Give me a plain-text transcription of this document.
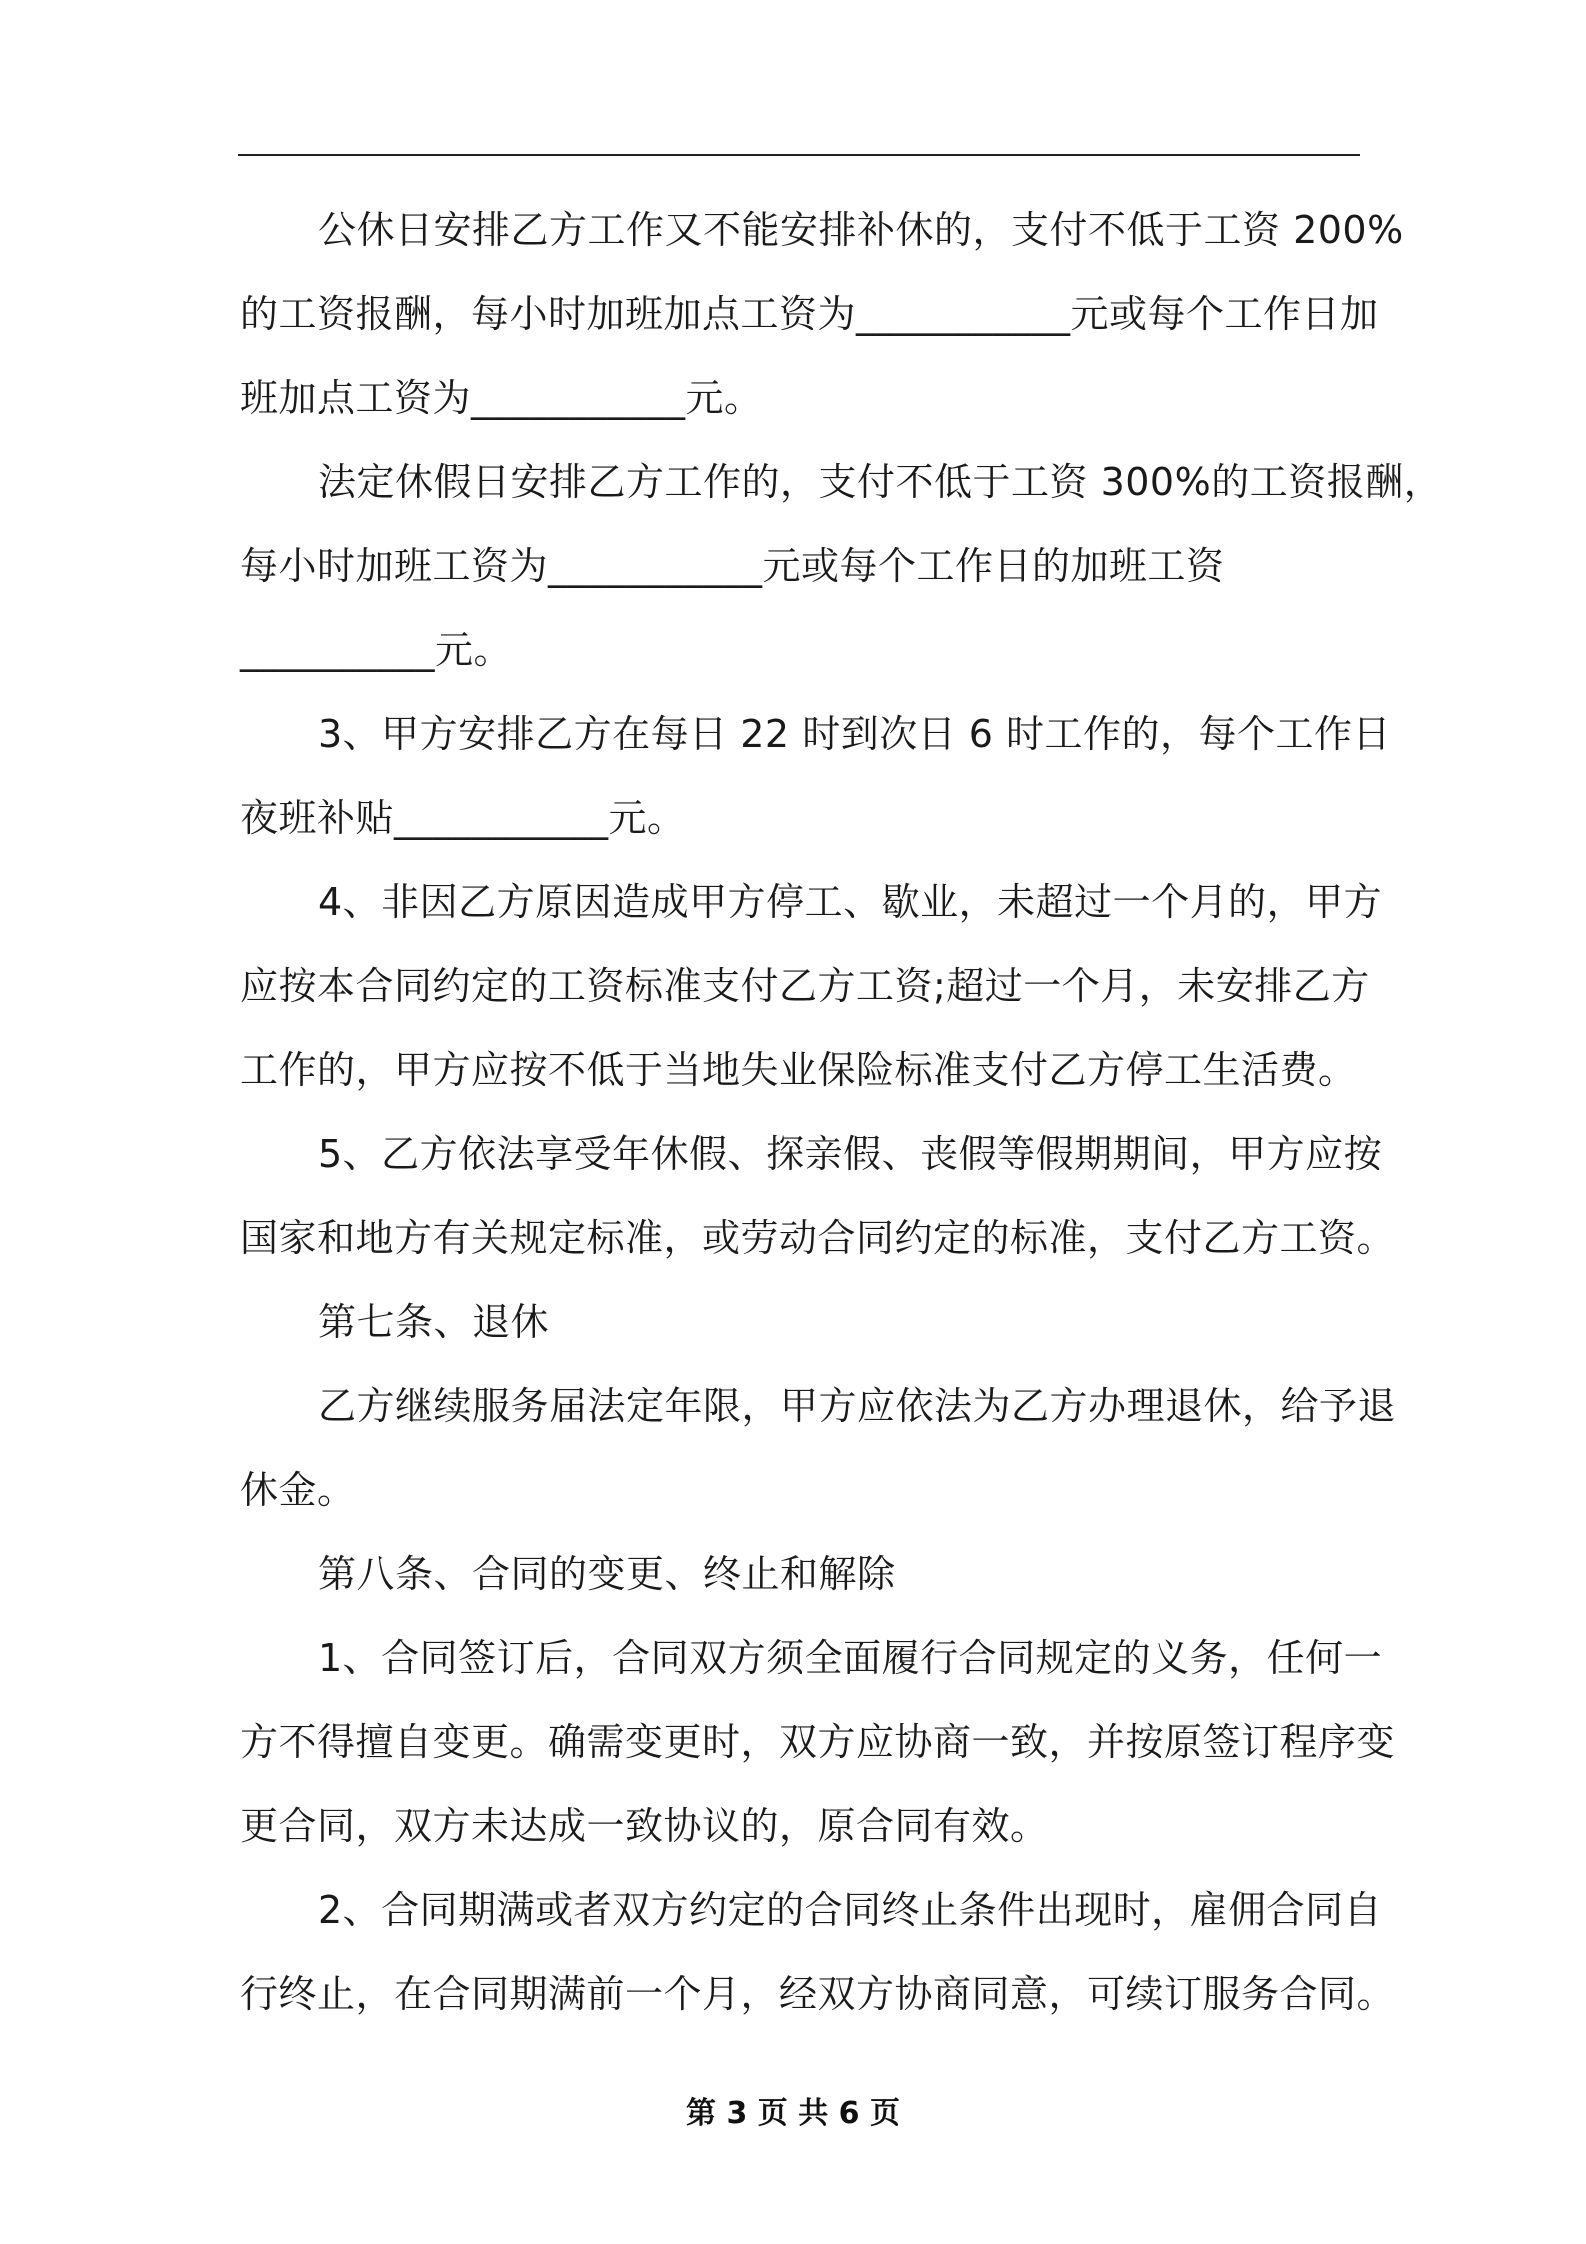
公休日安排乙方工作又不能安排补休的，支付不低于工资 200%
的工资报酬，每小时加班加点工资为___________元或每个工作日加
班加点工资为___________元。
法定休假日安排乙方工作的，支付不低于工资 300%的工资报酬，
每小时加班工资为___________元或每个工作日的加班工资
__________元。
3、甲方安排乙方在每日 22 时到次日 6 时工作的，每个工作日
夜班补贴___________元。
4、非因乙方原因造成甲方停工、歇业，未超过一个月的，甲方
应按本合同约定的工资标准支付乙方工资;超过一个月，未安排乙方
工作的，甲方应按不低于当地失业保险标准支付乙方停工生活费。
5、乙方依法享受年休假、探亲假、丧假等假期期间，甲方应按
国家和地方有关规定标准，或劳动合同约定的标准，支付乙方工资。
第七条、退休
乙方继续服务届法定年限，甲方应依法为乙方办理退休，给予退
休金。
第八条、合同的变更、终止和解除
1、合同签订后，合同双方须全面履行合同规定的义务，任何一
方不得擅自变更。确需变更时，双方应协商一致，并按原签订程序变
更合同，双方未达成一致协议的，原合同有效。
2、合同期满或者双方约定的合同终止条件出现时，雇佣合同自
行终止，在合同期满前一个月，经双方协商同意，可续订服务合同。
第 3 页 共 6 页
